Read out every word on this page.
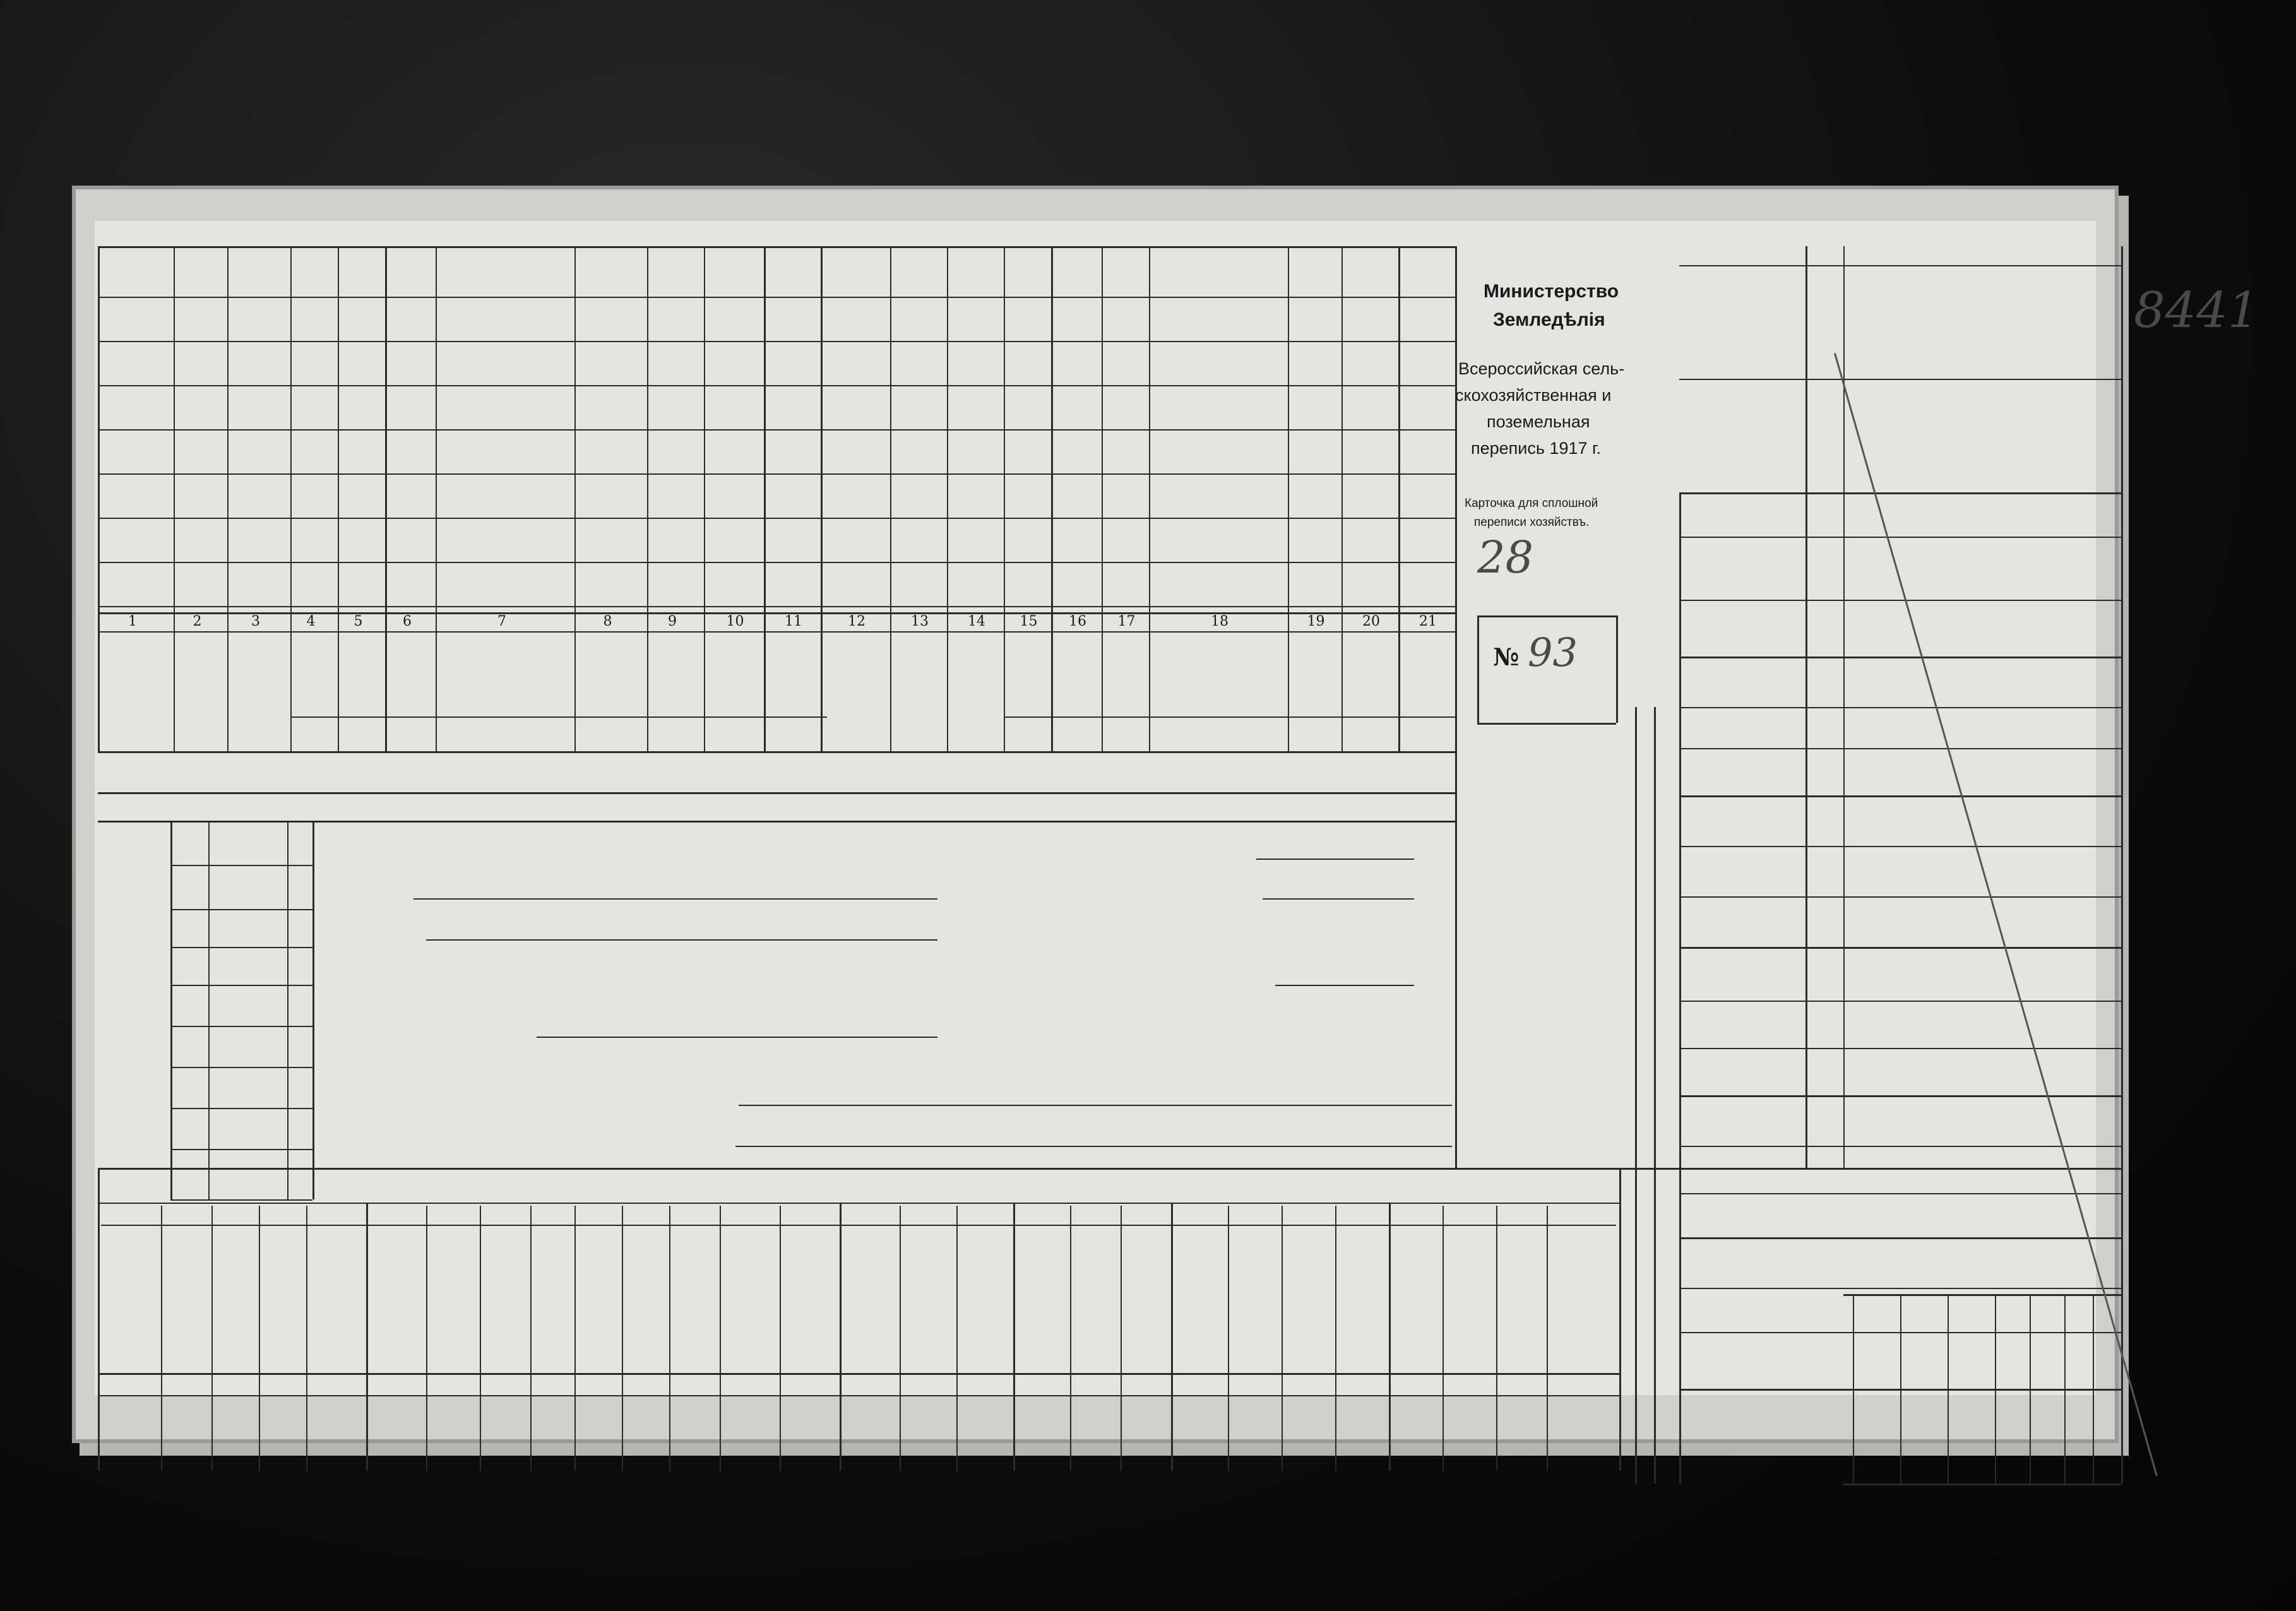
1	2	3	4	5	6	7	8	9	10	11	12	13	14 15 16 17	18	19	20	21
Министерство
Земледѣлія
Всероссийская сель-
скохозяйственная и
поземельная
перепись 1917 г.
Карточка для сплошной
переписи хозяйствъ.
28
№ 93
8441
